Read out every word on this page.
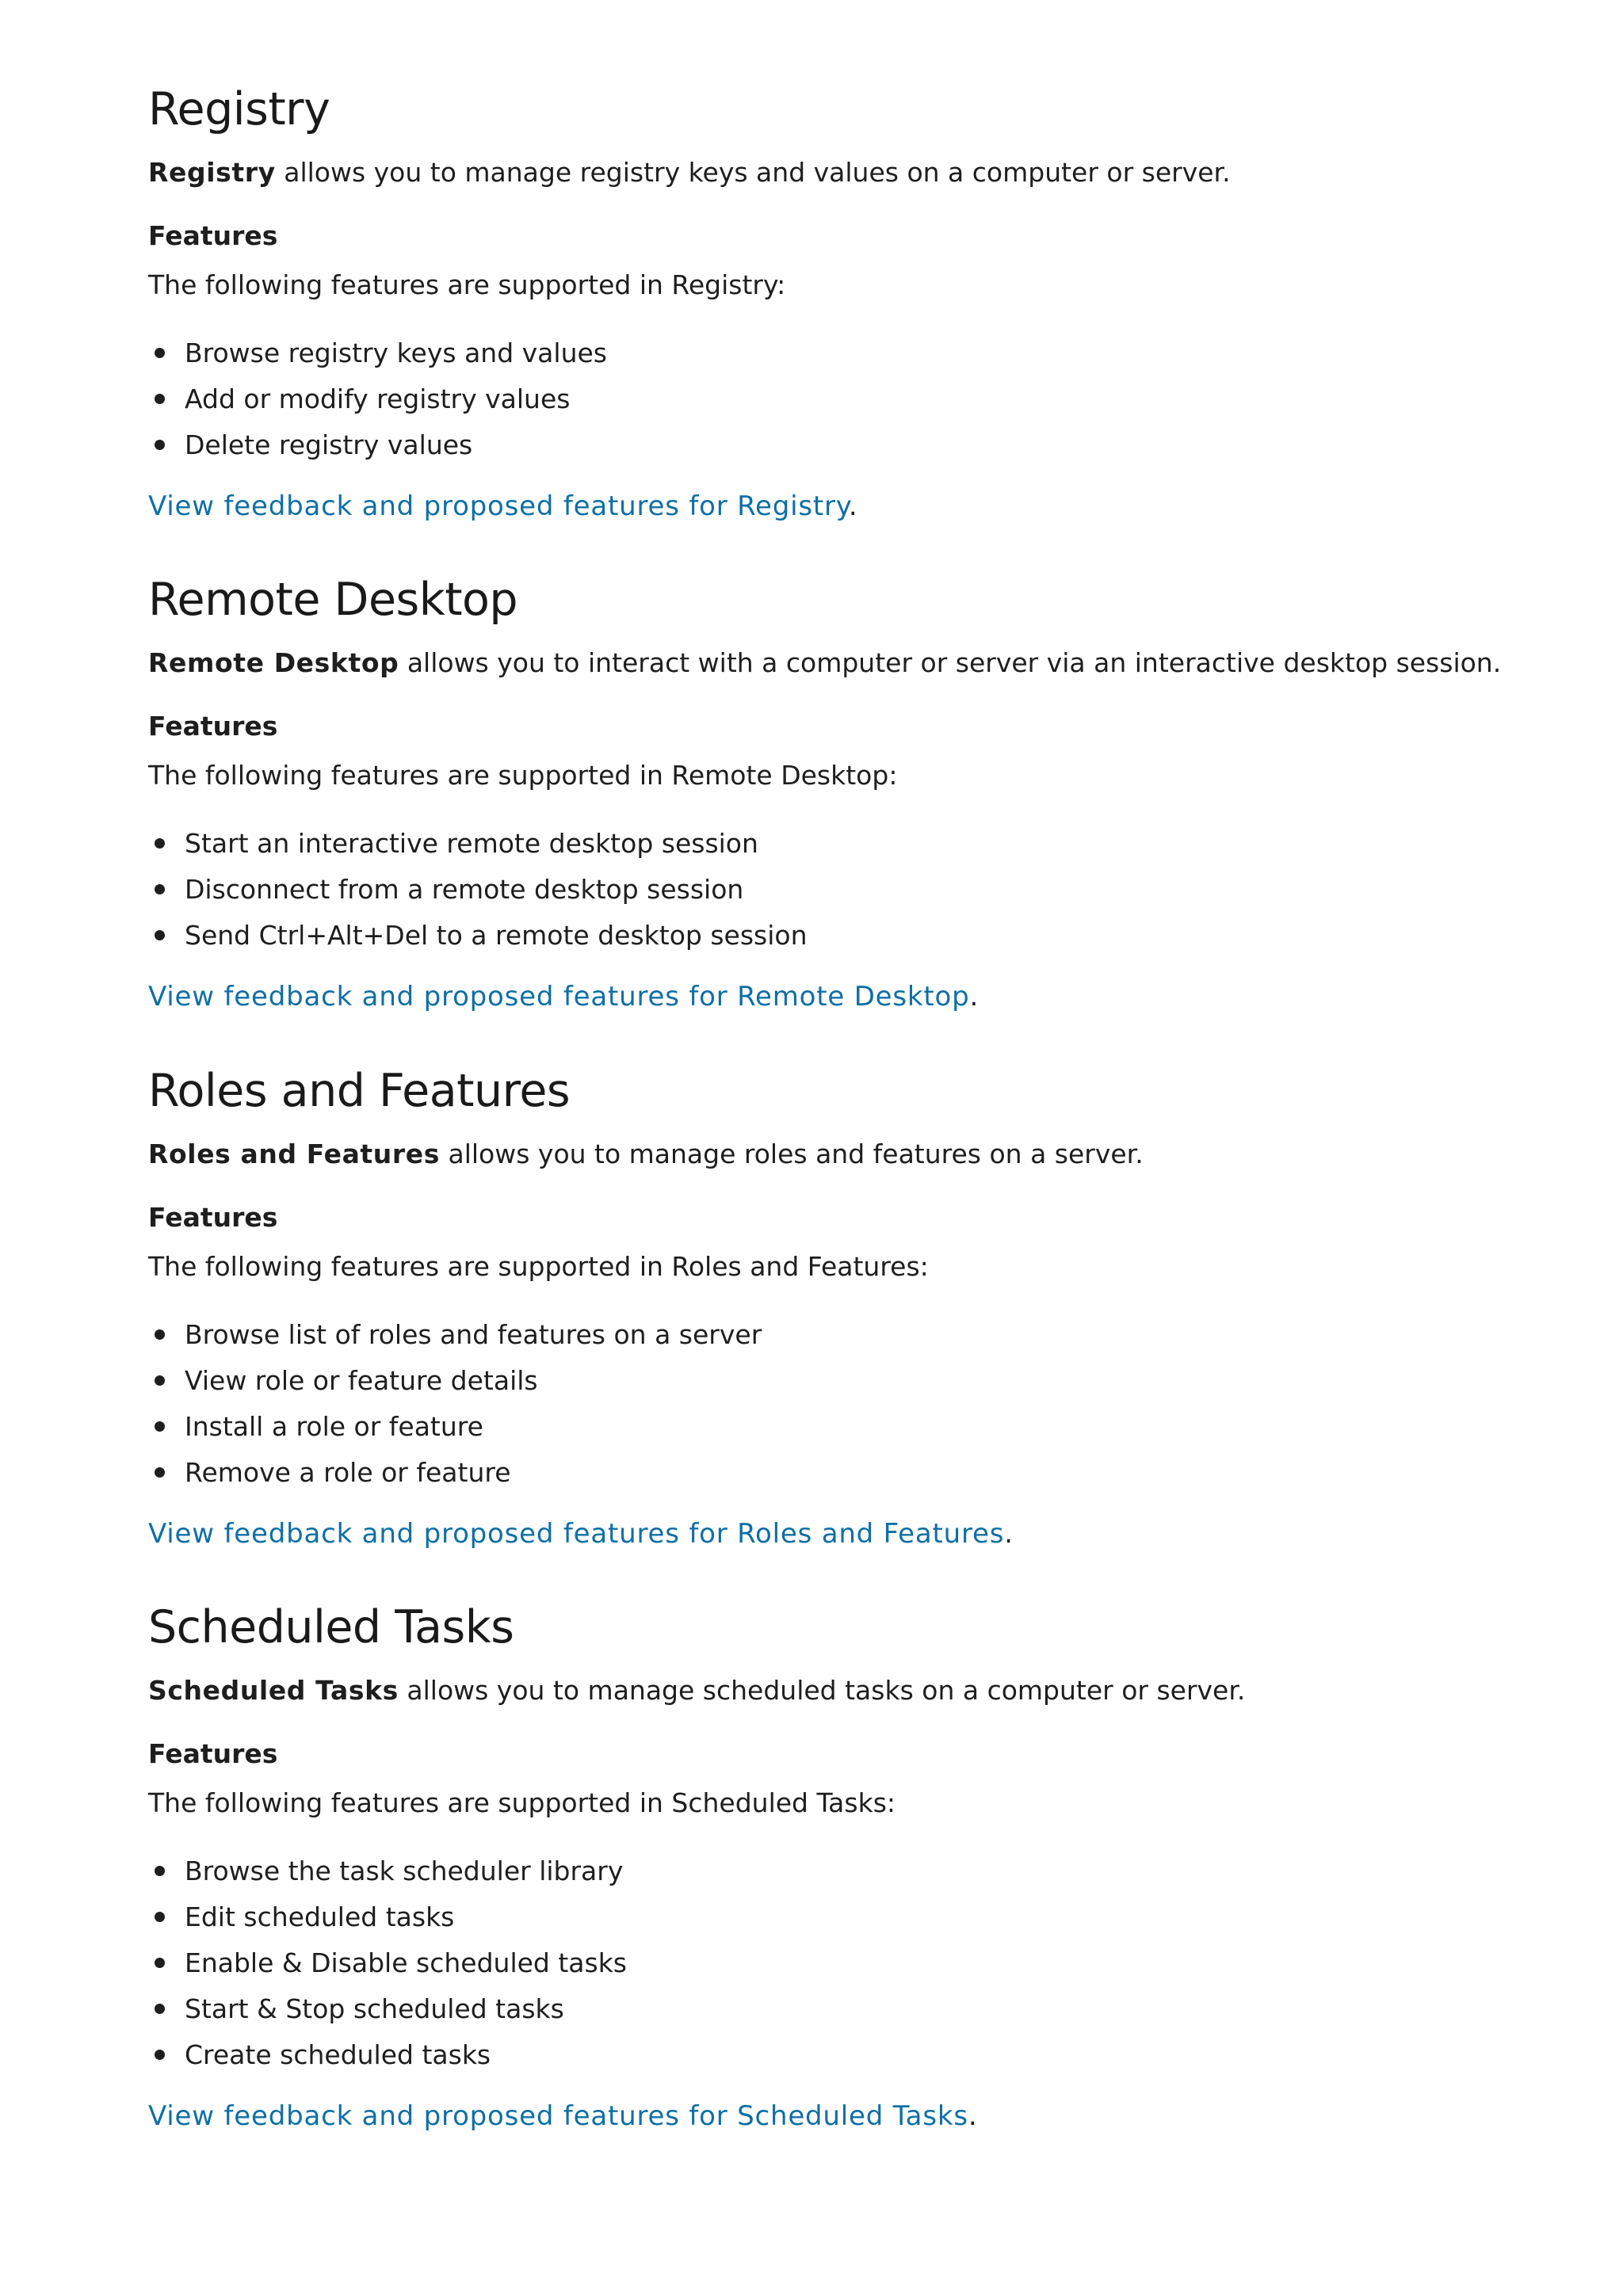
Registry
Registry allows you to manage registry keys and values on a computer or server.
Features
The following features are supported in Registry:
Browse registry keys and values
Add or modify registry values
Delete registry values
View feedback and proposed features for Registry.
Remote Desktop
Remote Desktop allows you to interact with a computer or server via an interactive desktop session.
Features
The following features are supported in Remote Desktop:
Start an interactive remote desktop session
Disconnect from a remote desktop session
Send Ctrl+Alt+Del to a remote desktop session
View feedback and proposed features for Remote Desktop.
Roles and Features
Roles and Features allows you to manage roles and features on a server.
Features
The following features are supported in Roles and Features:
Browse list of roles and features on a server
View role or feature details
Install a role or feature
Remove a role or feature
View feedback and proposed features for Roles and Features.
Scheduled Tasks
Scheduled Tasks allows you to manage scheduled tasks on a computer or server.
Features
The following features are supported in Scheduled Tasks:
Browse the task scheduler library
Edit scheduled tasks
Enable & Disable scheduled tasks
Start & Stop scheduled tasks
Create scheduled tasks
View feedback and proposed features for Scheduled Tasks.
